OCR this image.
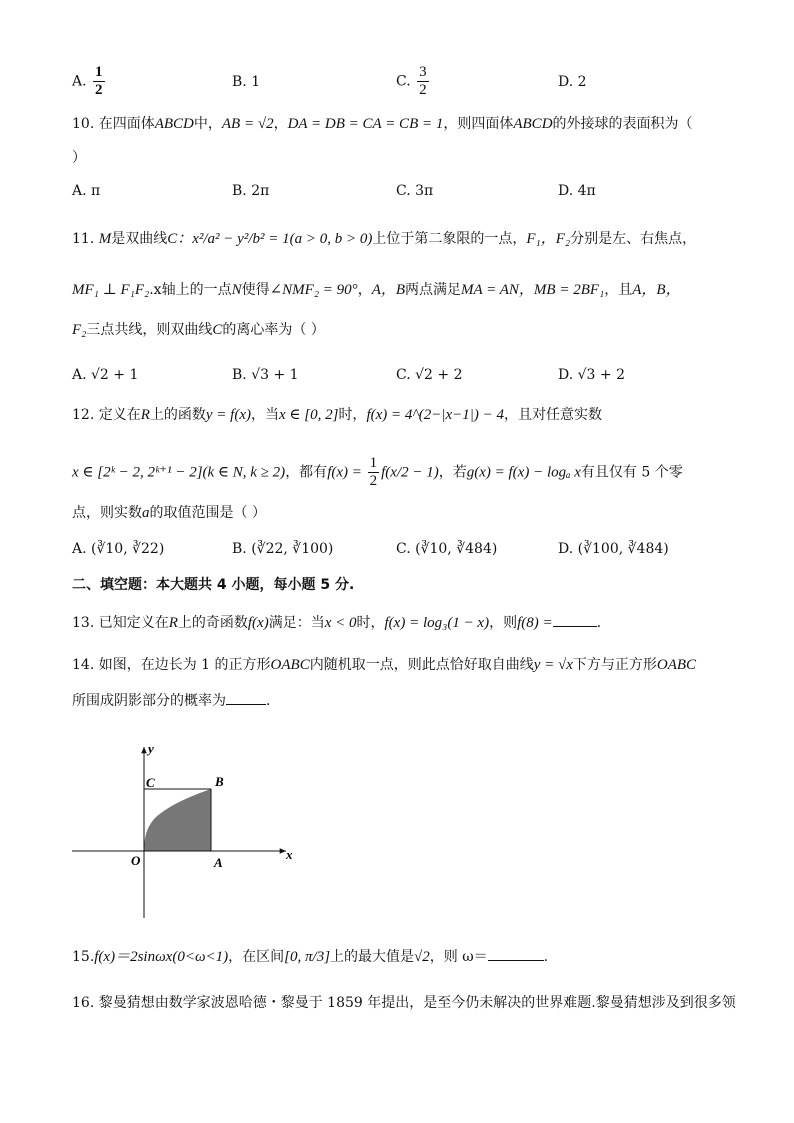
A. $\frac{1}{2}$	B. 1	C. $\frac{3}{2}$	D. 2
10. 在四面体ABCD中，AB = √2，DA = DB = CA = CB = 1，则四面体ABCD的外接球的表面积为（
）
A. π	B. 2π	C. 3π	D. 4π
11. M是双曲线C：x²/a² − y²/b² = 1(a > 0, b > 0)上位于第二象限的一点，F₁，F₂分别是左、右焦点，
MF₁ ⊥ F₁F₂.x轴上的一点N使得∠NMF₂ = 90°，A，B两点满足MA = AN，MB = 2BF₁，且A，B，
F₂三点共线，则双曲线C的离心率为（ ）
A. √2 + 1	B. √3 + 1	C. √2 + 2	D. √3 + 2
12. 定义在R上的函数y = f(x)，当x ∈ [0, 2]时，f(x) = 4^(2−|x−1|) − 4，且对任意实数
x ∈ [2ᵏ − 2, 2ᵏ⁺¹ − 2](k ∈ N, k ≥ 2)，都有$f(x) = \frac{1}{2} f(x/2 - 1)$，若g(x) = f(x) − logₐ x有且仅有 5 个零
点，则实数a的取值范围是（ ）
A. (∛10, ∛22)	B. (∛22, ∛100)	C. (∛10, ∛484)	D. (∛100, ∛484)
二、填空题：本大题共 4 小题，每小题 5 分.
13. 已知定义在R上的奇函数f(x)满足：当x < 0时，f(x) = log₃(1 − x)，则f(8) =	.
14. 如图，在边长为 1 的正方形OABC内随机取一点，则此点恰好取自曲线y = √x下方与正方形OABC
所围成阴影部分的概率为	.
y
x
O	A
B
C
15.f(x)＝2sinωx(0<ω<1)，在区间[0, π/3]上的最大值是√2，则 ω＝	.
16. 黎曼猜想由数学家波恩哈德・黎曼于 1859 年提出，是至今仍未解决的世界难题.黎曼猜想涉及到很多领
